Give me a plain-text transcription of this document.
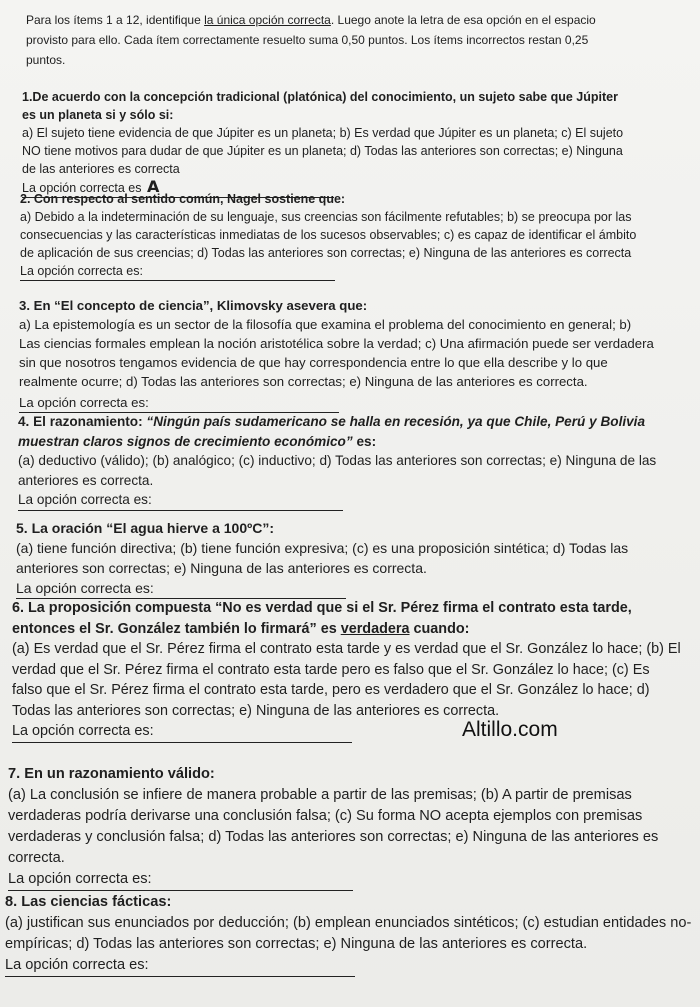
Para los ítems 1 a 12, identifique la única opción correcta. Luego anote la letra de esa opción en el espacio provisto para ello. Cada ítem correctamente resuelto suma 0,50 puntos. Los ítems incorrectos restan 0,25 puntos.

1.De acuerdo con la concepción tradicional (platónica) del conocimiento, un sujeto sabe que Júpiter es un planeta si y sólo si:
a) El sujeto tiene evidencia de que Júpiter es un planeta; b) Es verdad que Júpiter es un planeta; c) El sujeto NO tiene motivos para dudar de que Júpiter es un planeta; d) Todas las anteriores son correctas; e) Ninguna de las anteriores es correcta
La opción correcta es A
2. Con respecto al sentido común, Nagel sostiene que:
a) Debido a la indeterminación de su lenguaje, sus creencias son fácilmente refutables; b) se preocupa por las consecuencias y las características inmediatas de los sucesos observables; c) es capaz de identificar el ámbito de aplicación de sus creencias; d) Todas las anteriores son correctas; e) Ninguna de las anteriores es correcta
La opción correcta es:
3. En “El concepto de ciencia”, Klimovsky asevera que:
a) La epistemología es un sector de la filosofía que examina el problema del conocimiento en general; b) Las ciencias formales emplean la noción aristotélica sobre la verdad; c) Una afirmación puede ser verdadera sin que nosotros tengamos evidencia de que hay correspondencia entre lo que ella describe y lo que realmente ocurre; d) Todas las anteriores son correctas; e) Ninguna de las anteriores es correcta.
La opción correcta es:
4. El razonamiento: “Ningún país sudamericano se halla en recesión, ya que Chile, Perú y Bolivia muestran claros signos de crecimiento económico” es:
(a) deductivo (válido); (b) analógico; (c) inductivo; d) Todas las anteriores son correctas; e) Ninguna de las anteriores es correcta.
La opción correcta es:
5. La oración “El agua hierve a 100ºC”:
(a) tiene función directiva; (b) tiene función expresiva; (c) es una proposición sintética; d) Todas las anteriores son correctas; e) Ninguna de las anteriores es correcta.
La opción correcta es:
6. La proposición compuesta “No es verdad que si el Sr. Pérez firma el contrato esta tarde, entonces el Sr. González también lo firmará” es verdadera cuando:
(a) Es verdad que el Sr. Pérez firma el contrato esta tarde y es verdad que el Sr. González lo hace; (b) El verdad que el Sr. Pérez firma el contrato esta tarde pero es falso que el Sr. González lo hace; (c) Es falso que el Sr. Pérez firma el contrato esta tarde, pero es verdadero que el Sr. González lo hace; d) Todas las anteriores son correctas; e) Ninguna de las anteriores es correcta.
La opción correcta es:
7. En un razonamiento válido:
(a) La conclusión se infiere de manera probable a partir de las premisas; (b) A partir de premisas verdaderas podría derivarse una conclusión falsa; (c) Su forma NO acepta ejemplos con premisas verdaderas y conclusión falsa; d) Todas las anteriores son correctas; e) Ninguna de las anteriores es correcta.
La opción correcta es:
8. Las ciencias fácticas:
(a) justifican sus enunciados por deducción; (b) emplean enunciados sintéticos; (c) estudian entidades no-empíricas; d) Todas las anteriores son correctas; e) Ninguna de las anteriores es correcta.
La opción correcta es:
Altillo.com
